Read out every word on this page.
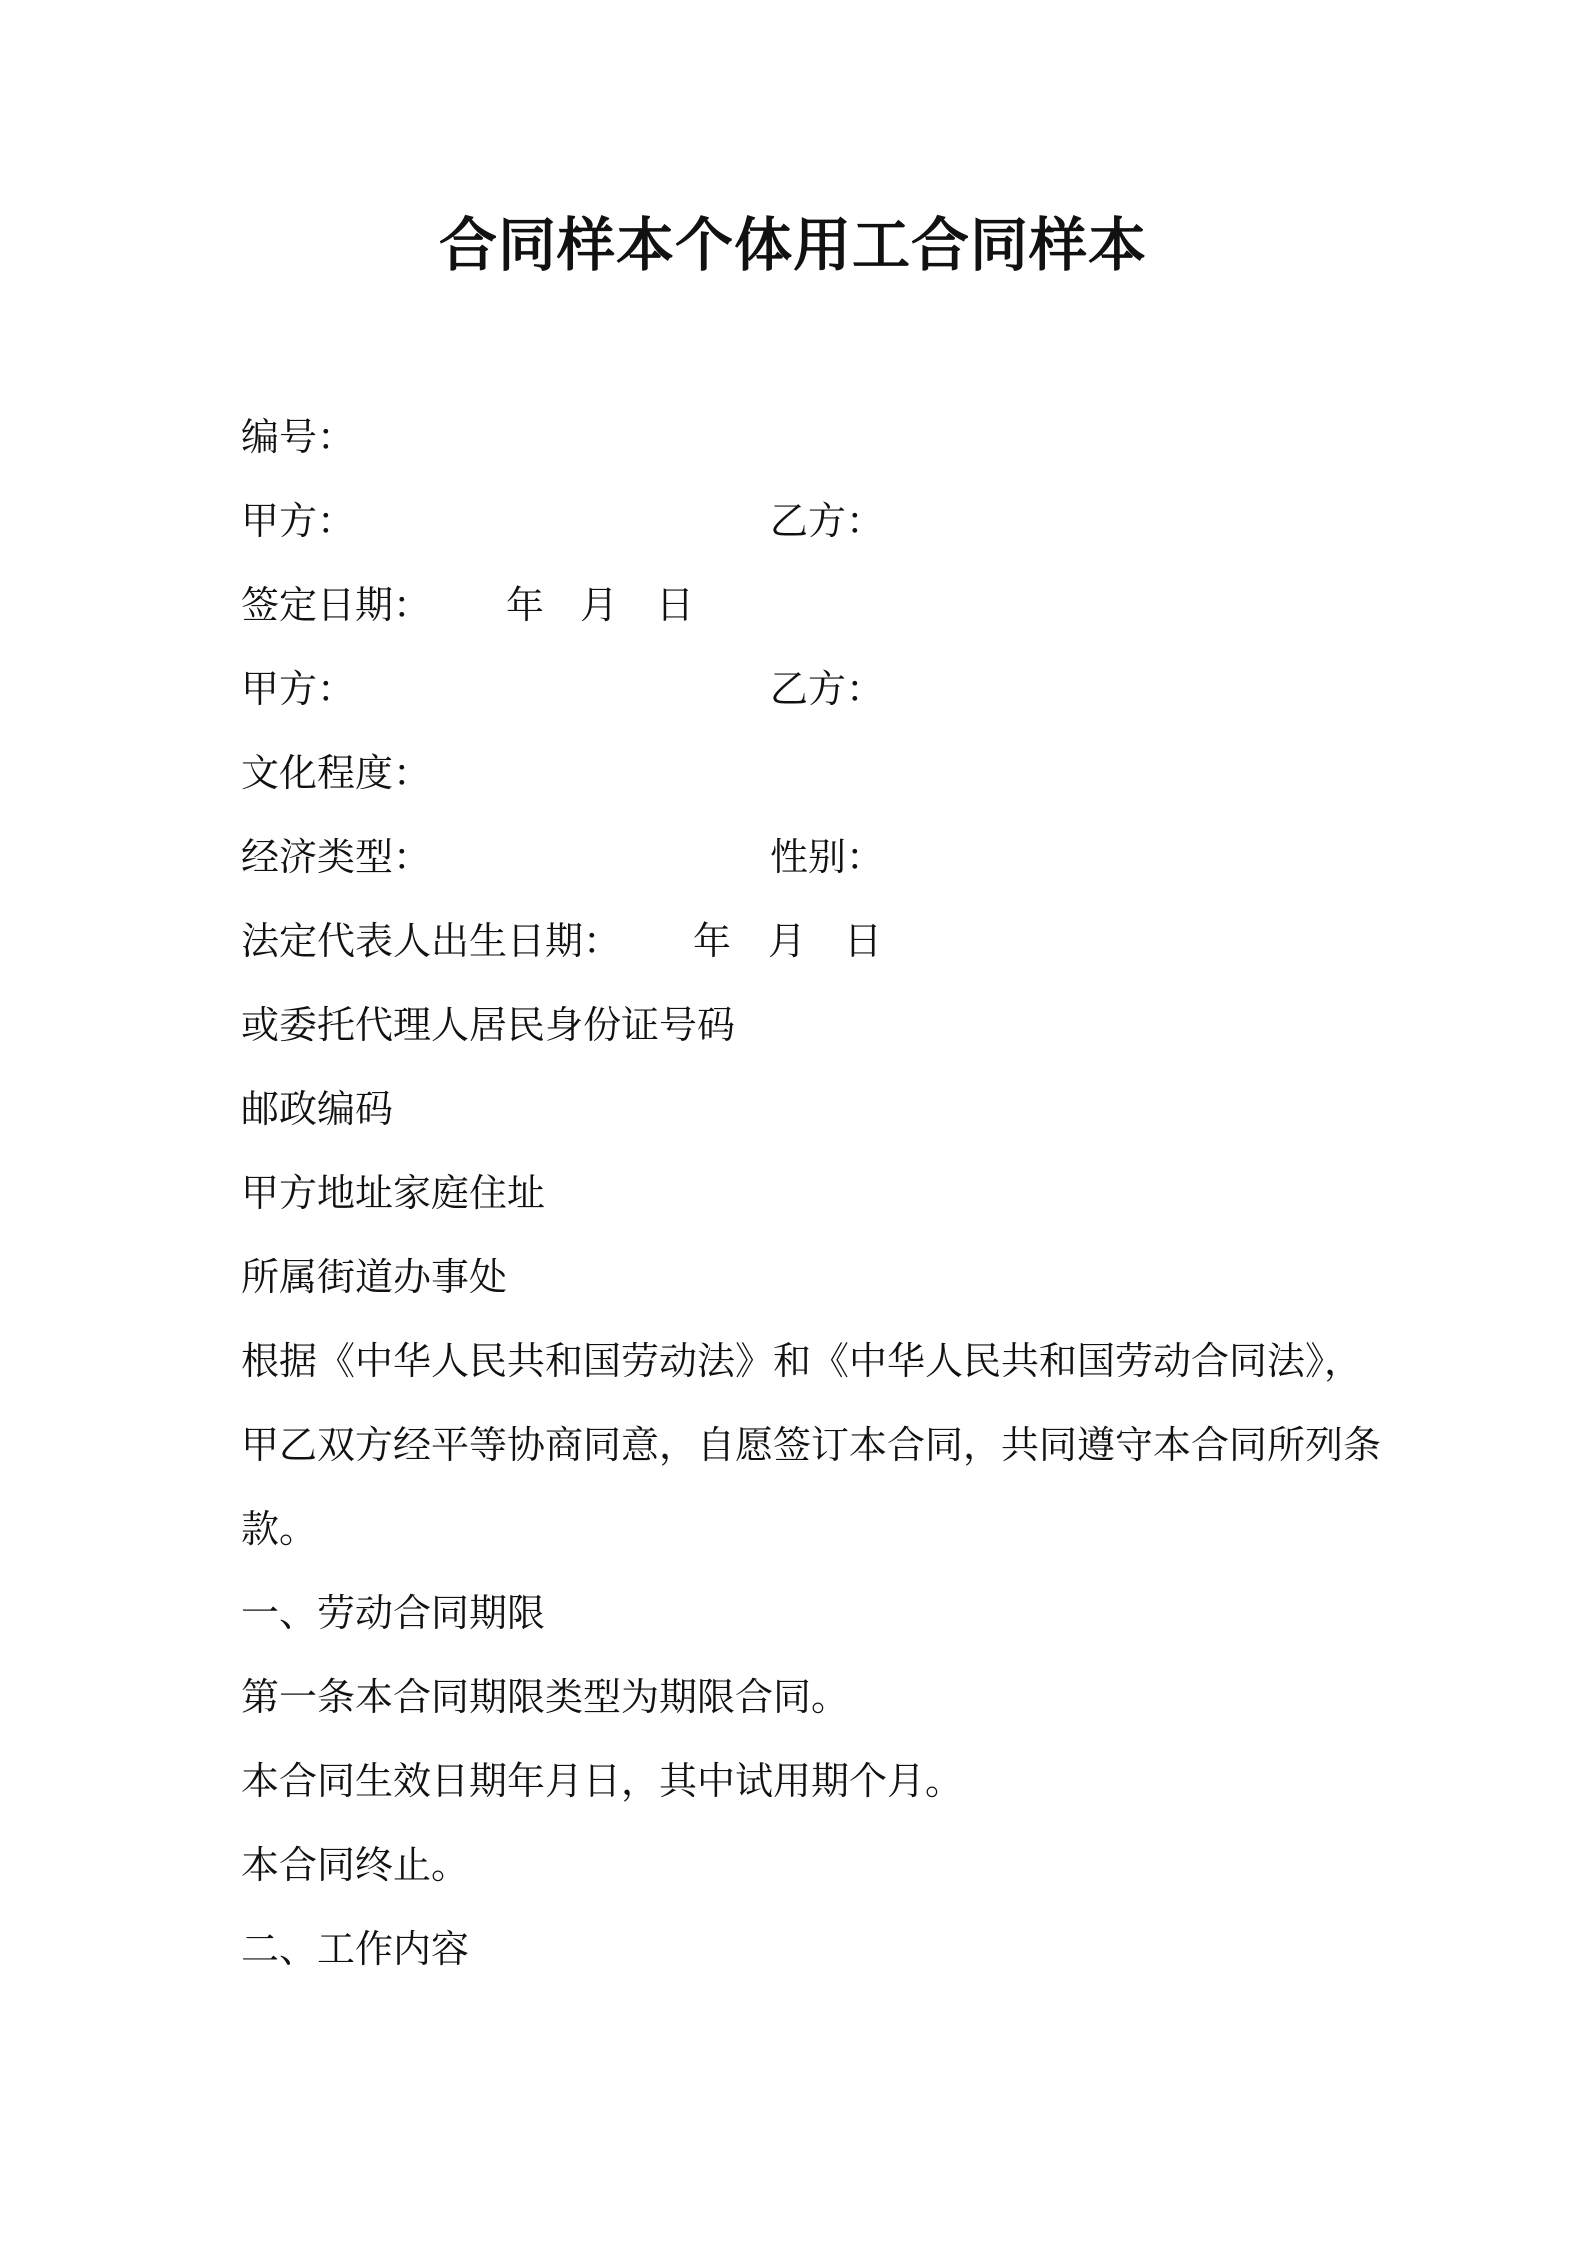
合同样本个体用工合同样本
编号：
甲方：	乙方：
签定日期： 年 月 日
甲方：	乙方：
文化程度：
经济类型：	性别：
法定代表人出生日期： 年 月 日
或委托代理人居民身份证号码
邮政编码
甲方地址家庭住址
所属街道办事处
根据《中华人民共和国劳动法》和《中华人民共和国劳动合同法》，
甲乙双方经平等协商同意，自愿签订本合同，共同遵守本合同所列条
款。
一、劳动合同期限
第一条本合同期限类型为期限合同。
本合同生效日期年月日，其中试用期个月。
本合同终止。
二、工作内容
